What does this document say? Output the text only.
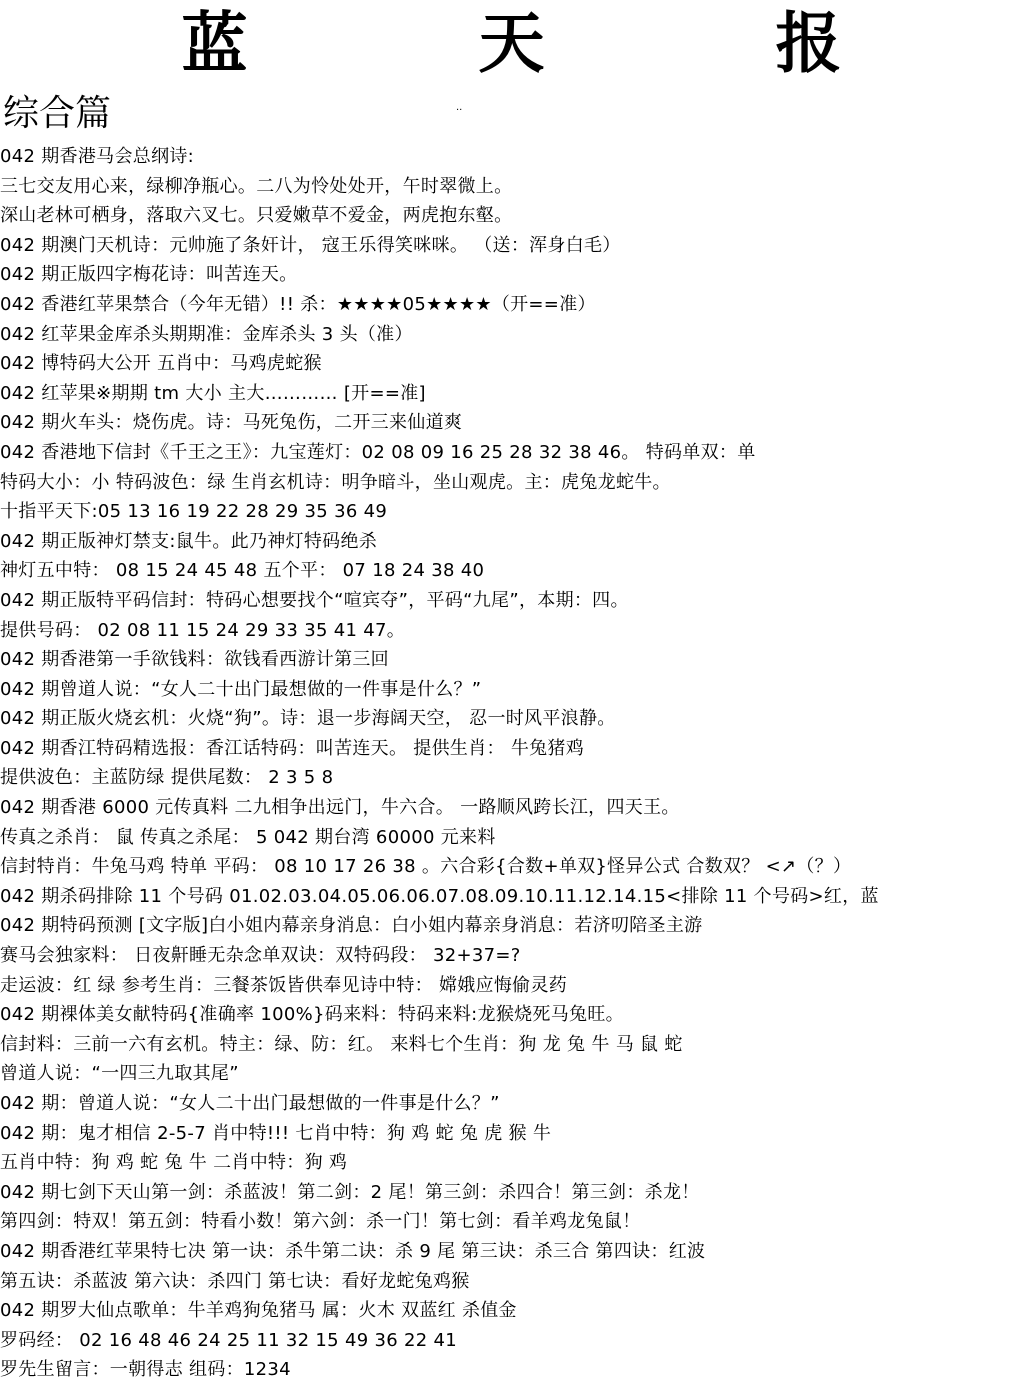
蓝 天 报
综合篇	..
042 期香港马会总纲诗:
三七交友用心来，绿柳净瓶心。二八为怜处处开，午时翠微上。
深山老林可栖身，落取六叉七。只爱嫩草不爱金，两虎抱东壑。
042 期澳门天机诗：元帅施了条奸计， 寇王乐得笑咪咪。 （送：浑身白毛）
042 期正版四字梅花诗：叫苦连天。
042 香港红苹果禁合（今年无错）!! 杀：★★★★05★★★★（开==准）
042 红苹果金库杀头期期准：金库杀头 3 头（准）
042 博特码大公开 五肖中：马鸡虎蛇猴
042 红苹果※期期 tm 大小 主大………… [开==准]
042 期火车头：烧伤虎。诗：马死兔伤，二开三来仙道爽
042 香港地下信封《千王之王》：九宝莲灯：02 08 09 16 25 28 32 38 46。 特码单双：单
特码大小：小 特码波色：绿 生肖玄机诗：明争暗斗，坐山观虎。主：虎兔龙蛇牛。
十指平天下:05 13 16 19 22 28 29 35 36 49
042 期正版神灯禁支:鼠牛。此乃神灯特码绝杀
神灯五中特： 08 15 24 45 48 五个平： 07 18 24 38 40
042 期正版特平码信封：特码心想要找个“喧宾夺”，平码“九尾”，本期：四。
提供号码： 02 08 11 15 24 29 33 35 41 47。
042 期香港第一手欲钱料：欲钱看西游计第三回
042 期曾道人说：“女人二十出门最想做的一件事是什么？”
042 期正版火烧玄机：火烧“狗”。诗：退一步海阔天空， 忍一时风平浪静。
042 期香江特码精选报：香江话特码：叫苦连天。 提供生肖： 牛兔猪鸡
提供波色：主蓝防绿 提供尾数： 2 3 5 8
042 期香港 6000 元传真料 二九相争出远门，牛六合。 一路顺风跨长江，四天王。
传真之杀肖： 鼠 传真之杀尾： 5 042 期台湾 60000 元来料
信封特肖：牛兔马鸡 特单 平码： 08 10 17 26 38 。六合彩{合数+单双}怪异公式 合数双？ <↗（？）
042 期杀码排除 11 个号码 01.02.03.04.05.06.06.07.08.09.10.11.12.14.15<排除 11 个号码>红，蓝
042 期特码预测 [文字版]白小姐内幕亲身消息：白小姐内幕亲身消息：若济叨陪圣主游
赛马会独家料： 日夜鼾睡无杂念单双诀：双特码段： 32+37=?
走运波：红 绿 参考生肖：三餐茶饭皆供奉见诗中特： 嫦娥应悔偷灵药
042 期裸体美女献特码{准确率 100%}码来料：特码来料:龙猴烧死马兔旺。
信封料：三前一六有玄机。特主：绿、防：红。 来料七个生肖：狗 龙 兔 牛 马 鼠 蛇
曾道人说：“一四三九取其尾”
042 期：曾道人说：“女人二十出门最想做的一件事是什么？”
042 期：鬼才相信 2-5-7 肖中特!!! 七肖中特：狗 鸡 蛇 兔 虎 猴 牛
五肖中特：狗 鸡 蛇 兔 牛 二肖中特：狗 鸡
042 期七剑下天山第一剑：杀蓝波！第二剑：2 尾！第三剑：杀四合！第三剑：杀龙！
第四剑：特双！第五剑：特看小数！第六剑：杀一门！第七剑：看羊鸡龙兔鼠！
042 期香港红苹果特七决 第一诀：杀牛第二诀：杀 9 尾 第三诀：杀三合 第四诀：红波
第五诀：杀蓝波 第六诀：杀四门 第七诀：看好龙蛇兔鸡猴
042 期罗大仙点歌单：牛羊鸡狗兔猪马 属：火木 双蓝红 杀值金
罗码经： 02 16 48 46 24 25 11 32 15 49 36 22 41
罗先生留言：一朝得志 组码：1234
